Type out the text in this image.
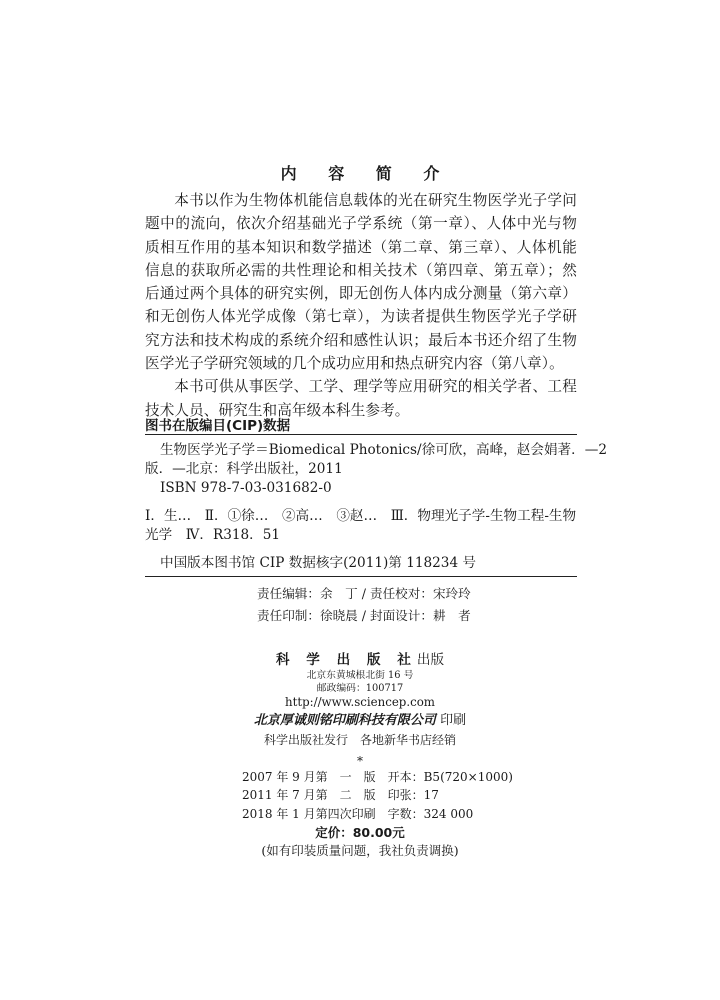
内 容 简 介

本书以作为生物体机能信息载体的光在研究生物医学光子学问题中的流向，依次介绍基础光子学系统（第一章）、人体中光与物质相互作用的基本知识和数学描述（第二章、第三章）、人体机能信息的获取所必需的共性理论和相关技术（第四章、第五章）；然后通过两个具体的研究实例，即无创伤人体内成分测量（第六章）和无创伤人体光学成像（第七章），为读者提供生物医学光子学研究方法和技术构成的系统介绍和感性认识；最后本书还介绍了生物医学光子学研究领域的几个成功应用和热点研究内容（第八章）。

本书可供从事医学、工学、理学等应用研究的相关学者、工程技术人员、研究生和高年级本科生参考。

图书在版编目(CIP)数据
生物医学光子学＝Biomedical Photonics/徐可欣，高峰，赵会娟著．—2
版．—北京：科学出版社，2011
ISBN 978-7-03-031682-0
Ⅰ．生…　Ⅱ．①徐…　②高…　③赵…　Ⅲ．物理光子学-生物工程-生物
光学　Ⅳ．R318．51
中国版本图书馆 CIP 数据核字(2011)第 118234 号
责任编辑：余　丁 / 责任校对：宋玲玲
责任印制：徐晓晨 / 封面设计：耕　者
科 学 出 版 社出版
北京东黄城根北街 16 号
邮政编码：100717
http://www.sciencep.com
北京厚诚则铭印刷科技有限公司 印刷
科学出版社发行　各地新华书店经销
*
2007 年 9 月第　一　版　开本：B5(720×1000)
2011 年 7 月第　二　版　印张：17
2018 年 1 月第四次印刷　字数：324 000
定价：80.00元
(如有印装质量问题，我社负责调换)
